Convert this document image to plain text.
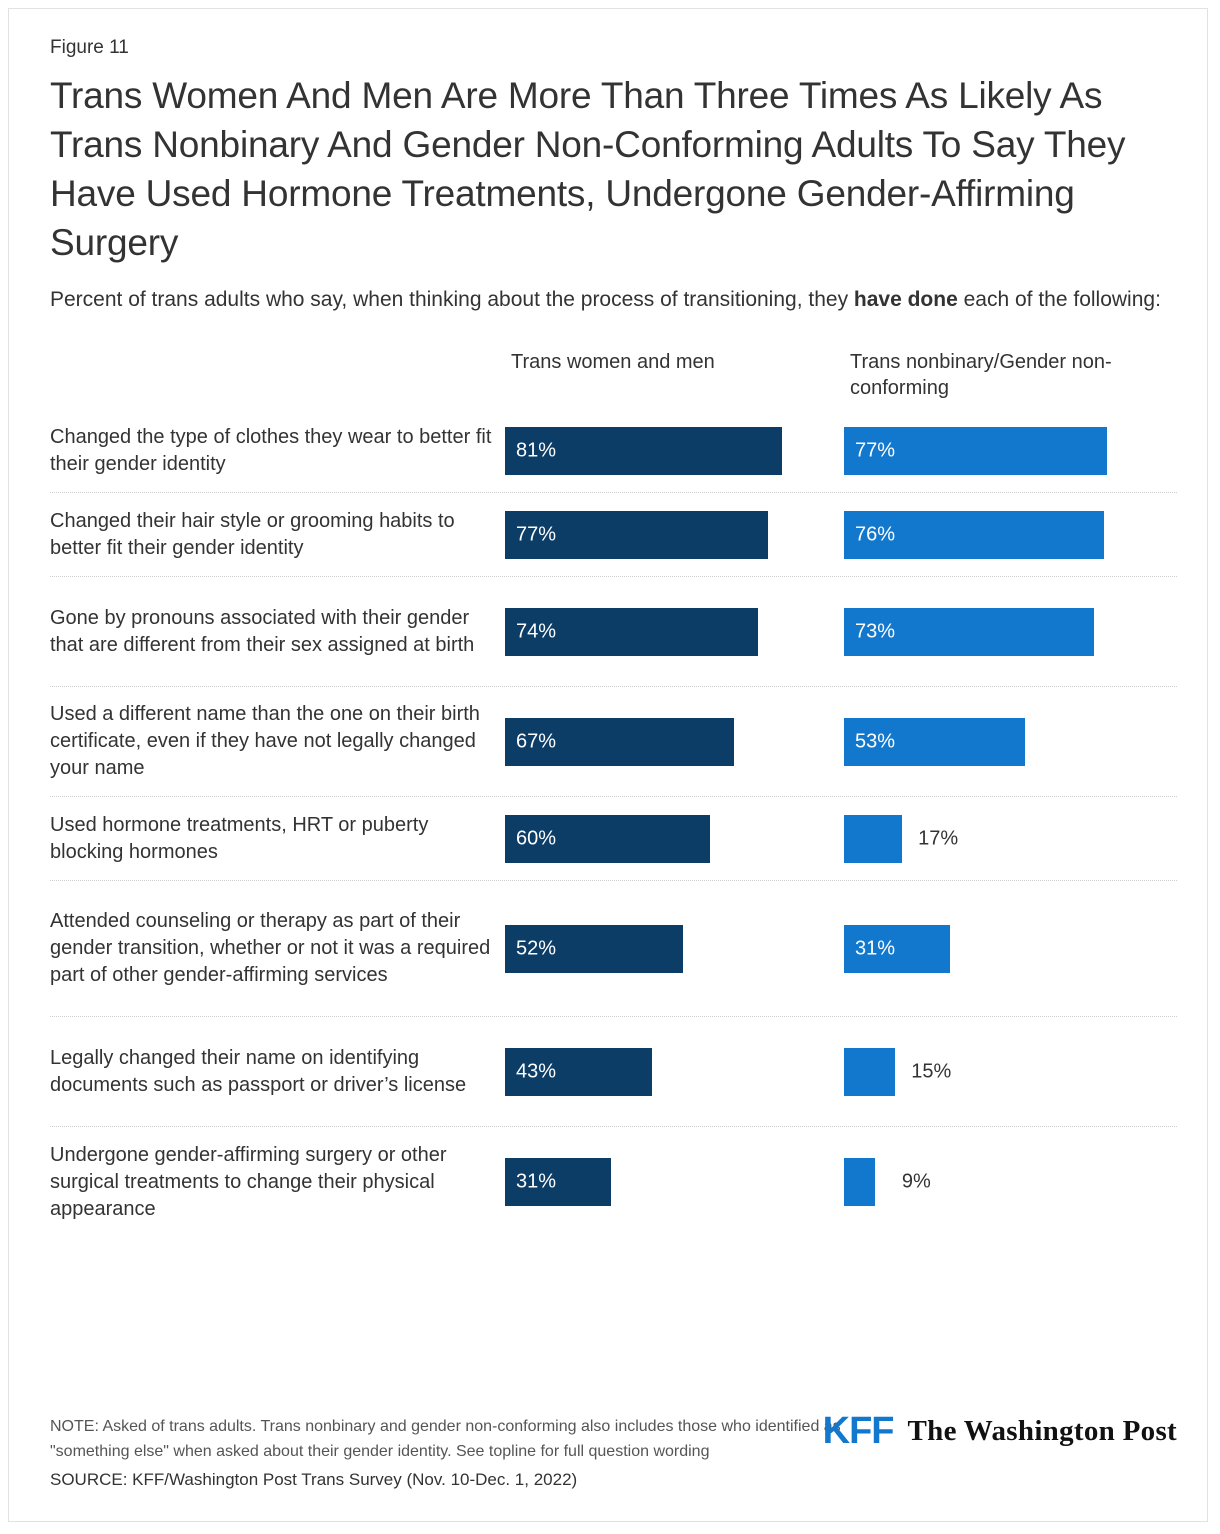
Figure 11
Trans Women And Men Are More Than Three Times As Likely As Trans Nonbinary And Gender Non-Conforming Adults To Say They Have Used Hormone Treatments, Undergone Gender-Affirming Surgery
Percent of trans adults who say, when thinking about the process of transitioning, they have done each of the following:
Trans women and men	Trans nonbinary/Gender non-conforming
Changed the type of clothes they wear to better fit their gender identity
81%	77%
Changed their hair style or grooming habits to better fit their gender identity
77%	76%
Gone by pronouns associated with their gender that are different from their sex assigned at birth
74%	73%
Used a different name than the one on their birth certificate, even if they have not legally changed your name
67%	53%
Used hormone treatments, HRT or puberty blocking hormones
60%	17%
Attended counseling or therapy as part of their gender transition, whether or not it was a required part of other gender-affirming services
52%	31%
Legally changed their name on identifying documents such as passport or driver’s license
43%	15%
Undergone gender-affirming surgery or other surgical treatments to change their physical appearance
31%	9%
NOTE: Asked of trans adults. Trans nonbinary and gender non-conforming also includes those who identified as "something else" when asked about their gender identity. See topline for full question wording
SOURCE: KFF/Washington Post Trans Survey (Nov. 10-Dec. 1, 2022)
KFF The Washington Post
